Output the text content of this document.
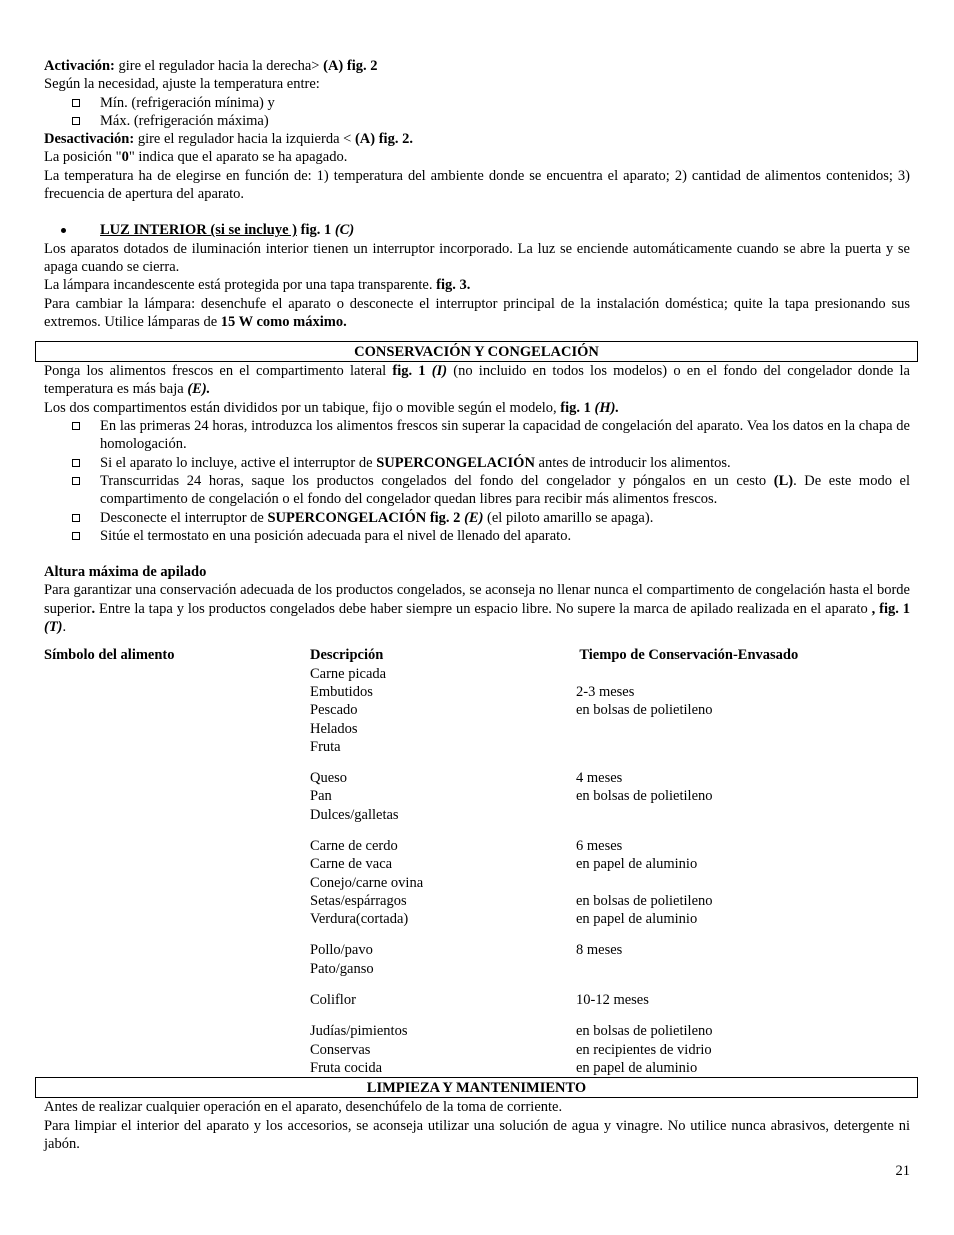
Activación: gire el regulador hacia la derecha> (A) fig. 2

Según la necesidad, ajuste la temperatura entre:

Mín. (refrigeración mínima) y
Máx. (refrigeración máxima)

Desactivación: gire el regulador hacia la izquierda < (A) fig. 2.

La posición "0" indica que el aparato se ha apagado.

La temperatura ha de elegirse en función de: 1) temperatura del ambiente donde se encuentra el aparato; 2) cantidad de alimentos contenidos; 3) frecuencia de apertura del aparato.

LUZ INTERIOR (si se incluye ) fig. 1 (C)

Los aparatos dotados de iluminación interior tienen un interruptor incorporado. La luz se enciende automáticamente cuando se abre la puerta y se apaga cuando se cierra.

La lámpara incandescente está protegida por una tapa transparente. fig. 3.

Para cambiar la lámpara: desenchufe el aparato o desconecte el interruptor principal de la instalación doméstica; quite la tapa presionando sus extremos. Utilice lámparas de 15 W como máximo.

CONSERVACIÓN Y CONGELACIÓN

Ponga los alimentos frescos en el compartimento lateral fig. 1 (I) (no incluido en todos los modelos) o en el fondo del congelador donde la temperatura es más baja (E).

Los dos compartimentos están divididos por un tabique, fijo o movible según el modelo, fig. 1 (H).

En las primeras 24 horas, introduzca los alimentos frescos sin superar la capacidad de congelación del aparato. Vea los datos en la chapa de homologación.
Si el aparato lo incluye, active el interruptor de SUPERCONGELACIÓN antes de introducir los alimentos.
Transcurridas 24 horas, saque los productos congelados del fondo del congelador y póngalos en un cesto (L). De este modo el compartimento de congelación o el fondo del congelador quedan libres para recibir más alimentos frescos.
Desconecte el interruptor de SUPERCONGELACIÓN fig. 2 (E) (el piloto amarillo se apaga).
Sitúe el termostato en una posición adecuada para el nivel de llenado del aparato.

Altura máxima de apilado

Para garantizar una conservación adecuada de los productos congelados, se aconseja no llenar nunca el compartimento de congelación hasta el borde superior. Entre la tapa y los productos congelados debe haber siempre un espacio libre. No supere la marca de apilado realizada en el aparato , fig. 1 (T).

Símbolo del alimento	Descripción	Tiempo de Conservación-Envasado
Carne picada
Embutidos	2-3 meses
Pescado	en bolsas de polietileno
Helados
Fruta
Queso	4 meses
Pan	en bolsas de polietileno
Dulces/galletas
Carne de cerdo	6 meses
Carne de vaca	en papel de aluminio
Conejo/carne ovina
Setas/espárragos	en bolsas de polietileno
Verdura(cortada)	en papel de aluminio
Pollo/pavo	8 meses
Pato/ganso
Coliflor	10-12 meses
Judías/pimientos	en bolsas de polietileno
Conservas	en recipientes de vidrio
Fruta cocida	en papel de aluminio
LIMPIEZA Y MANTENIMIENTO

Antes de realizar cualquier operación en el aparato, desenchúfelo de la toma de corriente.

Para limpiar el interior del aparato y los accesorios, se aconseja utilizar una solución de agua y vinagre. No utilice nunca abrasivos, detergente ni jabón.

21
